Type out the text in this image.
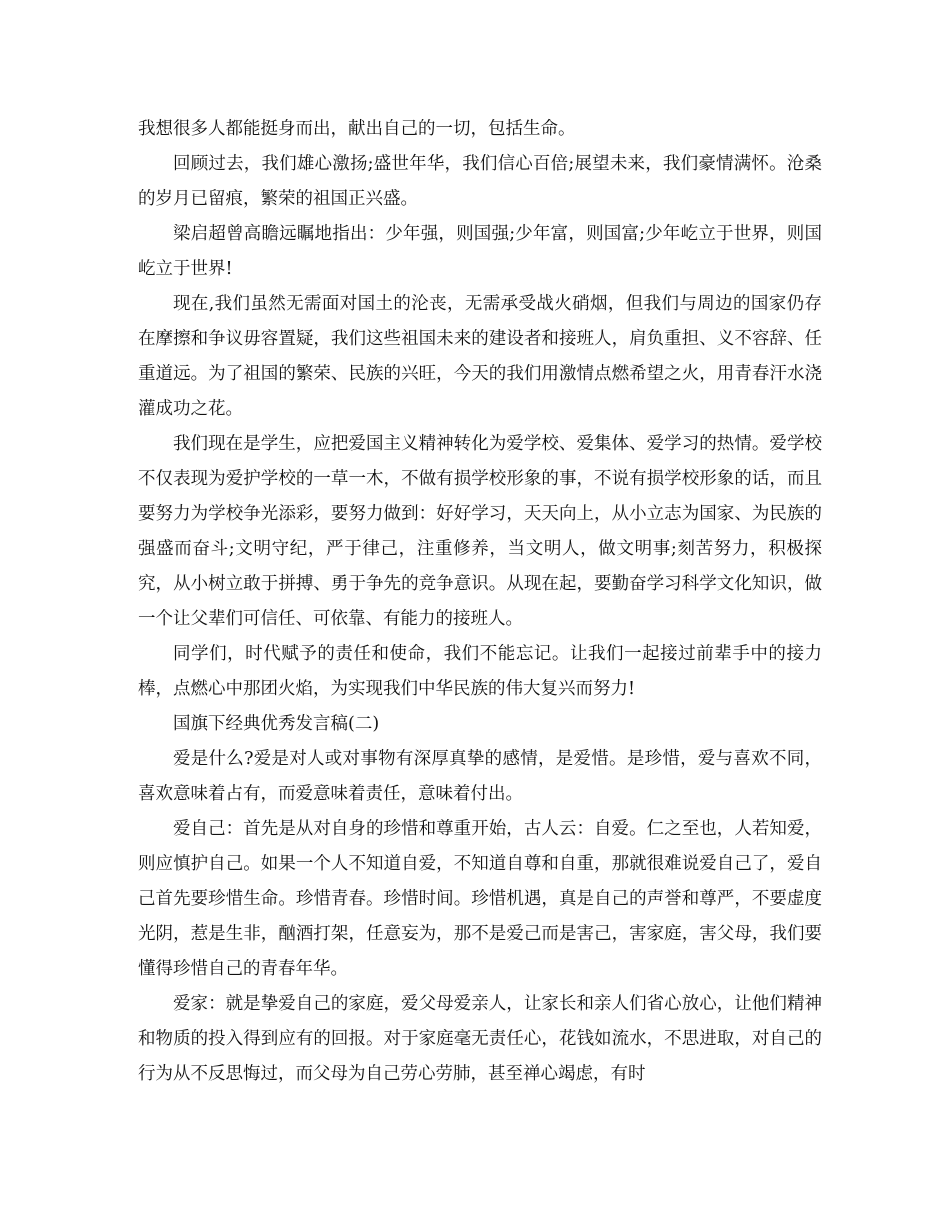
我想很多人都能挺身而出，献出自己的一切，包括生命。

回顾过去，我们雄心激扬;盛世年华，我们信心百倍;展望未来，我们豪情满怀。沧桑的岁月已留痕，繁荣的祖国正兴盛。

梁启超曾高瞻远瞩地指出：少年强，则国强;少年富，则国富;少年屹立于世界，则国屹立于世界!

现在,我们虽然无需面对国土的沦丧，无需承受战火硝烟，但我们与周边的国家仍存在摩擦和争议毋容置疑，我们这些祖国未来的建设者和接班人，肩负重担、义不容辞、任重道远。为了祖国的繁荣、民族的兴旺，今天的我们用激情点燃希望之火，用青春汗水浇灌成功之花。

我们现在是学生，应把爱国主义精神转化为爱学校、爱集体、爱学习的热情。爱学校不仅表现为爱护学校的一草一木，不做有损学校形象的事，不说有损学校形象的话，而且要努力为学校争光添彩，要努力做到：好好学习，天天向上，从小立志为国家、为民族的强盛而奋斗;文明守纪，严于律己，注重修养，当文明人，做文明事;刻苦努力，积极探究，从小树立敢于拼搏、勇于争先的竞争意识。从现在起，要勤奋学习科学文化知识，做一个让父辈们可信任、可依靠、有能力的接班人。

同学们，时代赋予的责任和使命，我们不能忘记。让我们一起接过前辈手中的接力棒，点燃心中那团火焰，为实现我们中华民族的伟大复兴而努力!

国旗下经典优秀发言稿(二)

爱是什么?爱是对人或对事物有深厚真挚的感情，是爱惜。是珍惜，爱与喜欢不同，喜欢意味着占有，而爱意味着责任，意味着付出。

爱自己：首先是从对自身的珍惜和尊重开始，古人云：自爱。仁之至也，人若知爱，则应慎护自己。如果一个人不知道自爱，不知道自尊和自重，那就很难说爱自己了，爱自己首先要珍惜生命。珍惜青春。珍惜时间。珍惜机遇，真是自己的声誉和尊严，不要虚度光阴，惹是生非，酗酒打架，任意妄为，那不是爱己而是害己，害家庭，害父母，我们要懂得珍惜自己的青春年华。

爱家：就是挚爱自己的家庭，爱父母爱亲人，让家长和亲人们省心放心，让他们精神和物质的投入得到应有的回报。对于家庭毫无责任心，花钱如流水，不思进取，对自己的行为从不反思悔过，而父母为自己劳心劳肺，甚至禅心竭虑，有时
